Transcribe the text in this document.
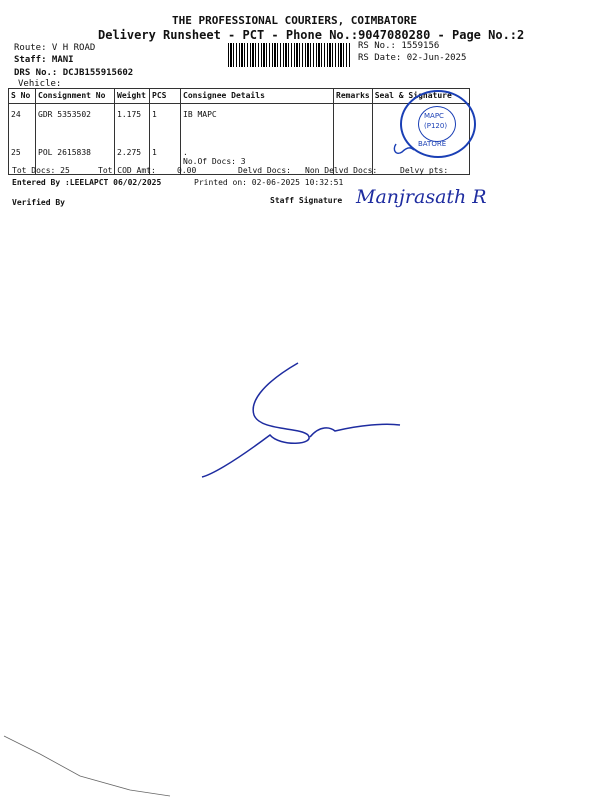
THE PROFESSIONAL COURIERS, COIMBATORE
Delivery Runsheet - PCT - Phone No.:9047080280 - Page No.:2
Route: V H ROAD
Staff: MANI
DRS No.: DCJB155915602
Vehicle:
RS No.: 1559156
RS Date: 02-Jun-2025
S No	Consignment No	Weight	PCS	Consignee Details	Remarks	Seal & Signature
24	GDR 5353502	1.175	1	IB MAPC		
25	POL 2615838	2.275	1	.
No.Of Docs: 3		

MAPC
(P120)
BATORE
Tot Docs: 25	Tot COD Amt:	0.00	Delvd Docs: Non Delvd Docs:	Delvy pts:
Entered By :LEELAPCT 06/02/2025	Printed on: 02-06-2025 10:32:51
Verified By	Staff Signature Manjrasath R
